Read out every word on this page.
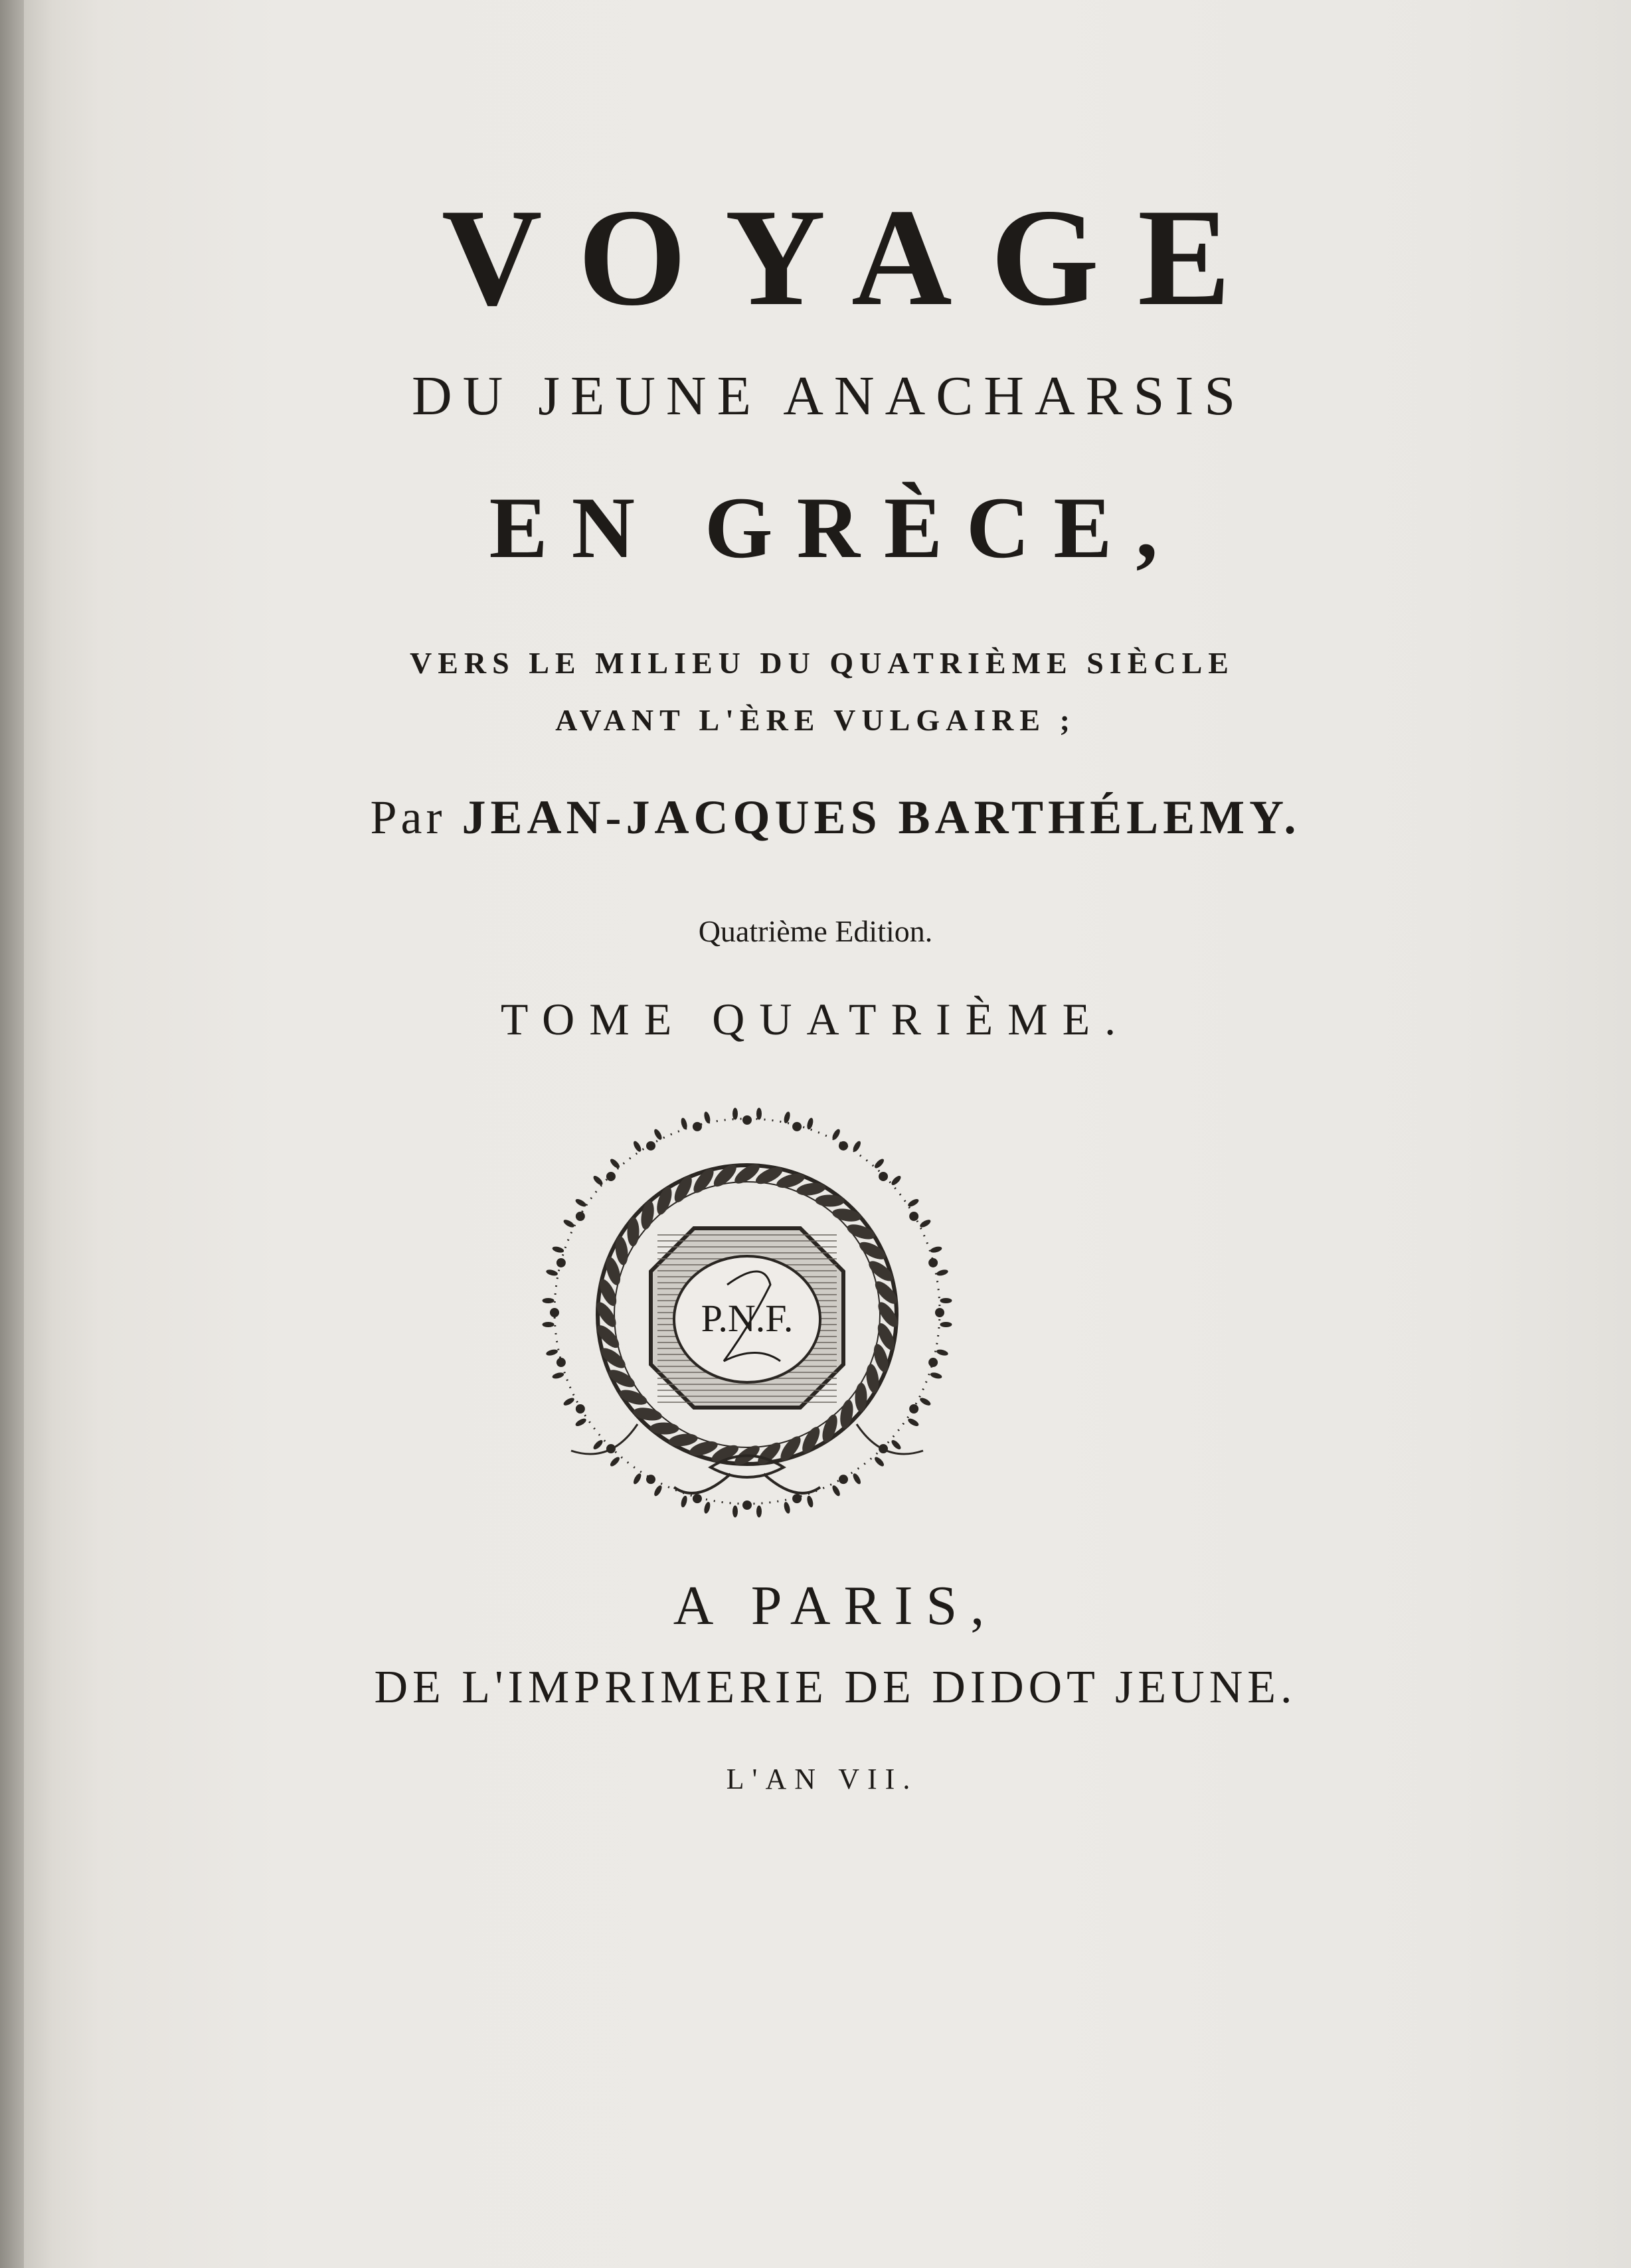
VOYAGE
DU JEUNE ANACHARSIS
EN GRÈCE,
VERS LE MILIEU DU QUATRIÈME SIÈCLE
AVANT L'ÈRE VULGAIRE ;
Par JEAN-JACQUES BARTHÉLEMY.
Quatrième Edition.
TOME QUATRIÈME.
P.N.F.
A PARIS,
DE L'IMPRIMERIE DE DIDOT JEUNE.
L'AN VII.
